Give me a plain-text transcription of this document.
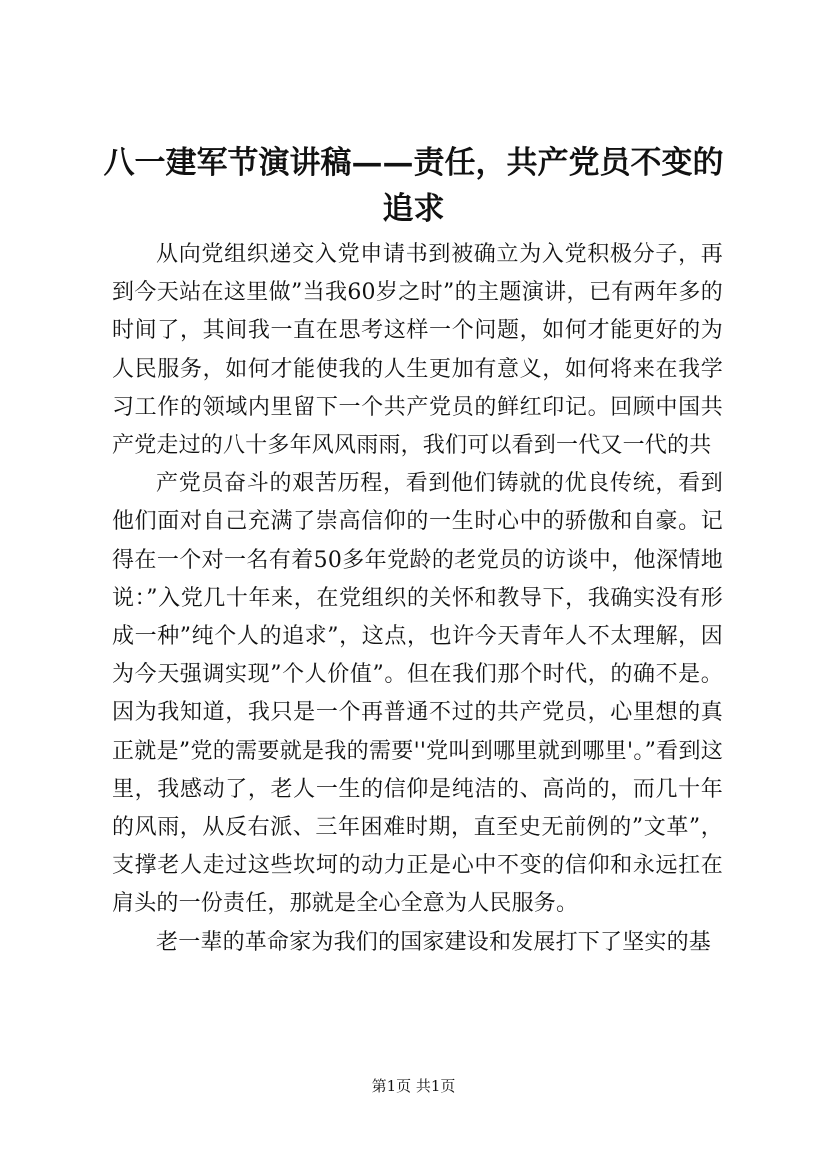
八一建军节演讲稿——责任，共产党员不变的追求

从向党组织递交入党申请书到被确立为入党积极分子，再到今天站在这里做”当我60岁之时”的主题演讲，已有两年多的时间了，其间我一直在思考这样一个问题，如何才能更好的为人民服务，如何才能使我的人生更加有意义，如何将来在我学习工作的领域内里留下一个共产党员的鲜红印记。回顾中国共产党走过的八十多年风风雨雨，我们可以看到一代又一代的共

产党员奋斗的艰苦历程，看到他们铸就的优良传统，看到他们面对自己充满了崇高信仰的一生时心中的骄傲和自豪。记得在一个对一名有着50多年党龄的老党员的访谈中，他深情地说：”入党几十年来，在党组织的关怀和教导下，我确实没有形成一种”纯个人的追求”，这点，也许今天青年人不太理解，因为今天强调实现”个人价值”。但在我们那个时代，的确不是。因为我知道，我只是一个再普通不过的共产党员，心里想的真正就是”党的需要就是我的需要''党叫到哪里就到哪里'。”看到这里，我感动了，老人一生的信仰是纯洁的、高尚的，而几十年的风雨，从反右派、三年困难时期，直至史无前例的”文革”，支撑老人走过这些坎坷的动力正是心中不变的信仰和永远扛在肩头的一份责任，那就是全心全意为人民服务。

老一辈的革命家为我们的国家建设和发展打下了坚实的基

第1页 共1页
